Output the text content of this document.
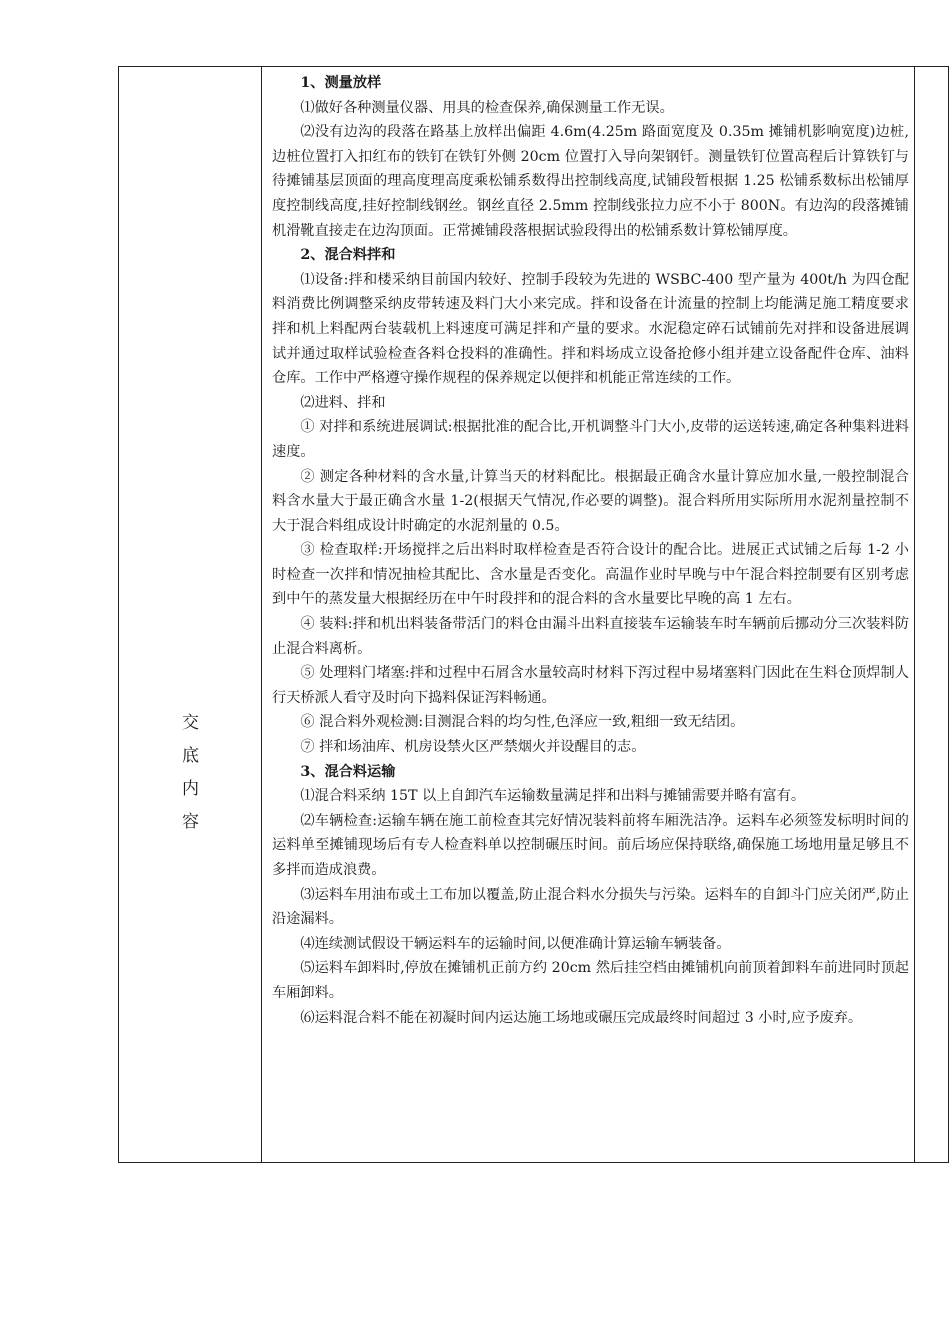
交
底
内
容
1、测量放样

⑴做好各种测量仪器、用具的检查保养,确保测量工作无误。

⑵没有边沟的段落在路基上放样出偏距 4.6m(4.25m 路面宽度及 0.35m 摊铺机影响宽度)边桩,边桩位置打入扣红布的铁钉在铁钉外侧 20cm 位置打入导向架钢钎。测量铁钉位置高程后计算铁钉与待摊铺基层顶面的理高度理高度乘松铺系数得出控制线高度,试铺段暂根据 1.25 松铺系数标出松铺厚度控制线高度,挂好控制线钢丝。钢丝直径 2.5mm 控制线张拉力应不小于 800N。有边沟的段落摊铺机滑靴直接走在边沟顶面。正常摊铺段落根据试验段得出的松铺系数计算松铺厚度。

2、混合料拌和

⑴设备:拌和楼采纳目前国内较好、控制手段较为先进的 WSBC-400 型产量为 400t/h 为四仓配料消费比例调整采纳皮带转速及料门大小来完成。拌和设备在计流量的控制上均能满足施工精度要求拌和机上料配两台装载机上料速度可满足拌和产量的要求。水泥稳定碎石试铺前先对拌和设备进展调试并通过取样试验检查各料仓投料的准确性。拌和料场成立设备抢修小组并建立设备配件仓库、油料仓库。工作中严格遵守操作规程的保养规定以便拌和机能正常连续的工作。

⑵进料、拌和

① 对拌和系统进展调试:根据批准的配合比,开机调整斗门大小,皮带的运送转速,确定各种集料进料速度。

② 测定各种材料的含水量,计算当天的材料配比。根据最正确含水量计算应加水量,一般控制混合料含水量大于最正确含水量 1-2(根据天气情况,作必要的调整)。混合料所用实际所用水泥剂量控制不大于混合料组成设计时确定的水泥剂量的 0.5。

③ 检查取样:开场搅拌之后出料时取样检查是否符合设计的配合比。进展正式试铺之后每 1-2 小时检查一次拌和情况抽检其配比、含水量是否变化。高温作业时早晚与中午混合料控制要有区别考虑到中午的蒸发量大根据经历在中午时段拌和的混合料的含水量要比早晚的高 1 左右。

④ 装料:拌和机出料装备带活门的料仓由漏斗出料直接装车运输装车时车辆前后挪动分三次装料防止混合料离析。

⑤ 处理料门堵塞:拌和过程中石屑含水量较高时材料下泻过程中易堵塞料门因此在生料仓顶焊制人行天桥派人看守及时向下捣料保证泻料畅通。

⑥ 混合料外观检测:目测混合料的均匀性,色泽应一致,粗细一致无结团。

⑦ 拌和场油库、机房设禁火区严禁烟火并设醒目的志。

3、混合料运输

⑴混合料采纳 15T 以上自卸汽车运输数量满足拌和出料与摊铺需要并略有富有。

⑵车辆检查:运输车辆在施工前检查其完好情况装料前将车厢洗洁净。运料车必须签发标明时间的运料单至摊铺现场后有专人检查料单以控制碾压时间。前后场应保持联络,确保施工场地用量足够且不多拌而造成浪费。

⑶运料车用油布或土工布加以覆盖,防止混合料水分损失与污染。运料车的自卸斗门应关闭严,防止沿途漏料。

⑷连续测试假设干辆运料车的运输时间,以便准确计算运输车辆装备。

⑸运料车卸料时,停放在摊铺机正前方约 20cm 然后挂空档由摊铺机向前顶着卸料车前进同时顶起车厢卸料。

⑹运料混合料不能在初凝时间内运达施工场地或碾压完成最终时间超过 3 小时,应予废弃。
